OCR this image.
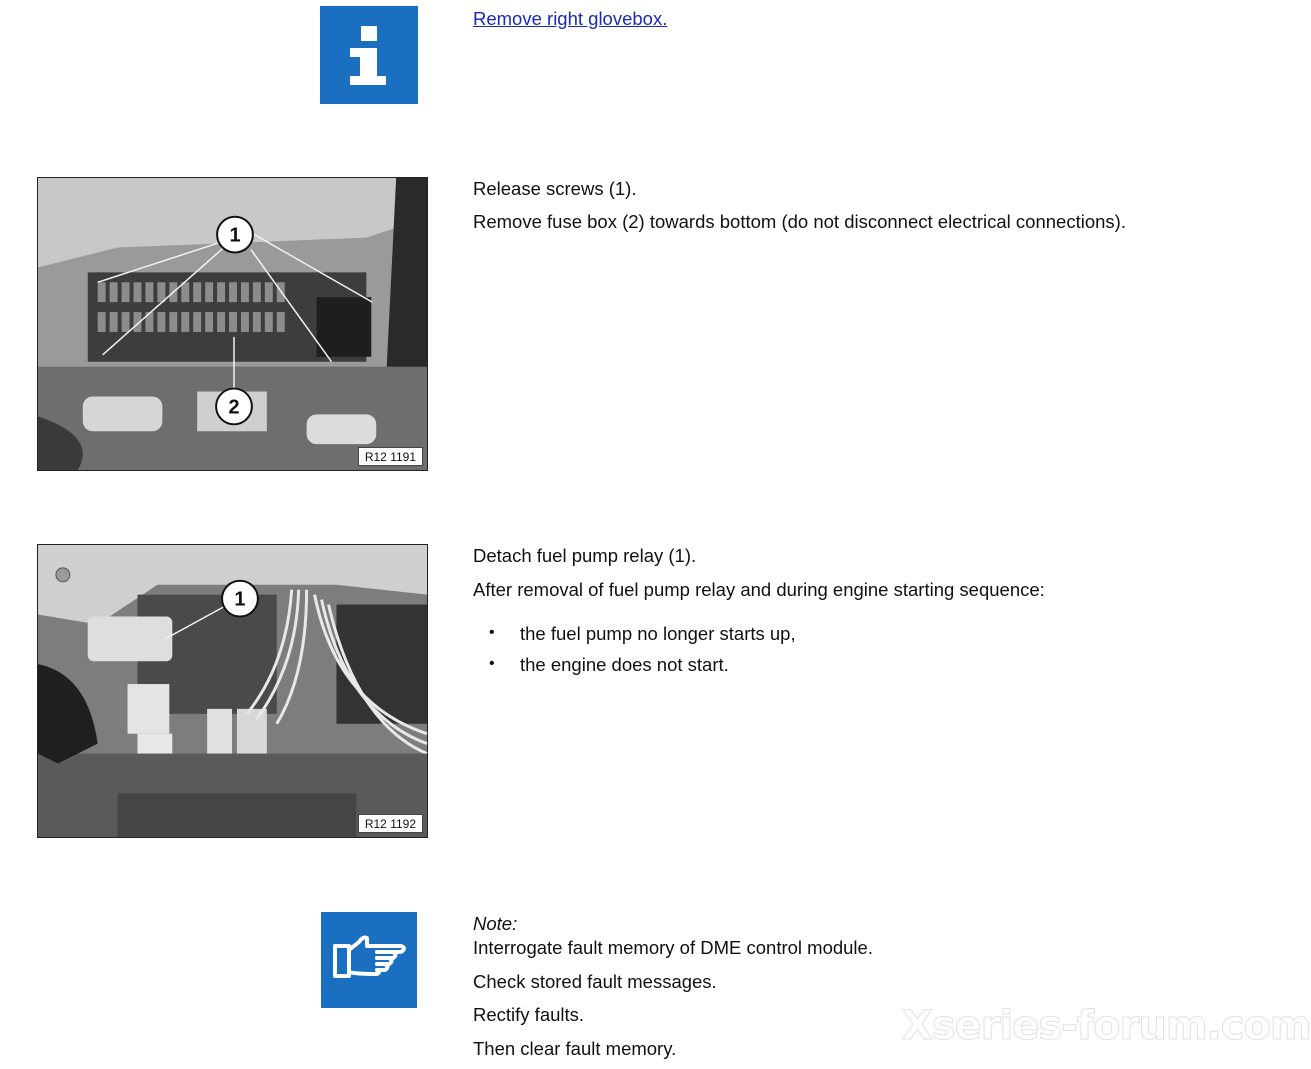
Remove right glovebox.
1
2
R12 1191
Release screws (1).
Remove fuse box (2) towards bottom (do not disconnect electrical connections).
1
R12 1192
Detach fuel pump relay (1).
After removal of fuel pump relay and during engine starting sequence:
• the fuel pump no longer starts up,
• the engine does not start.
Note:
Interrogate fault memory of DME control module.
Check stored fault messages.
Rectify faults.
Then clear fault memory.	Xseries-forum.com
